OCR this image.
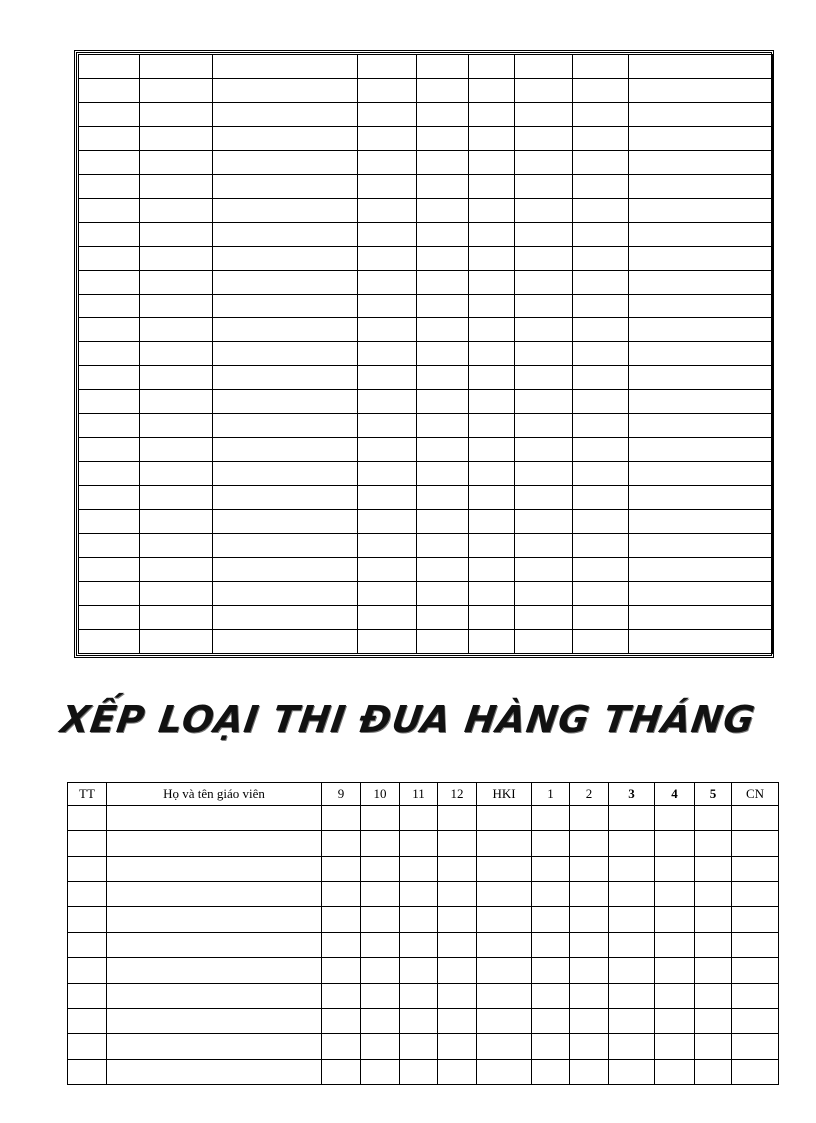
XẾP LOẠI THI ĐUA HÀNG THÁNG
TT	Họ và tên giáo viên	9	10	11	12	HKI	1	2	3	4	5	CN
